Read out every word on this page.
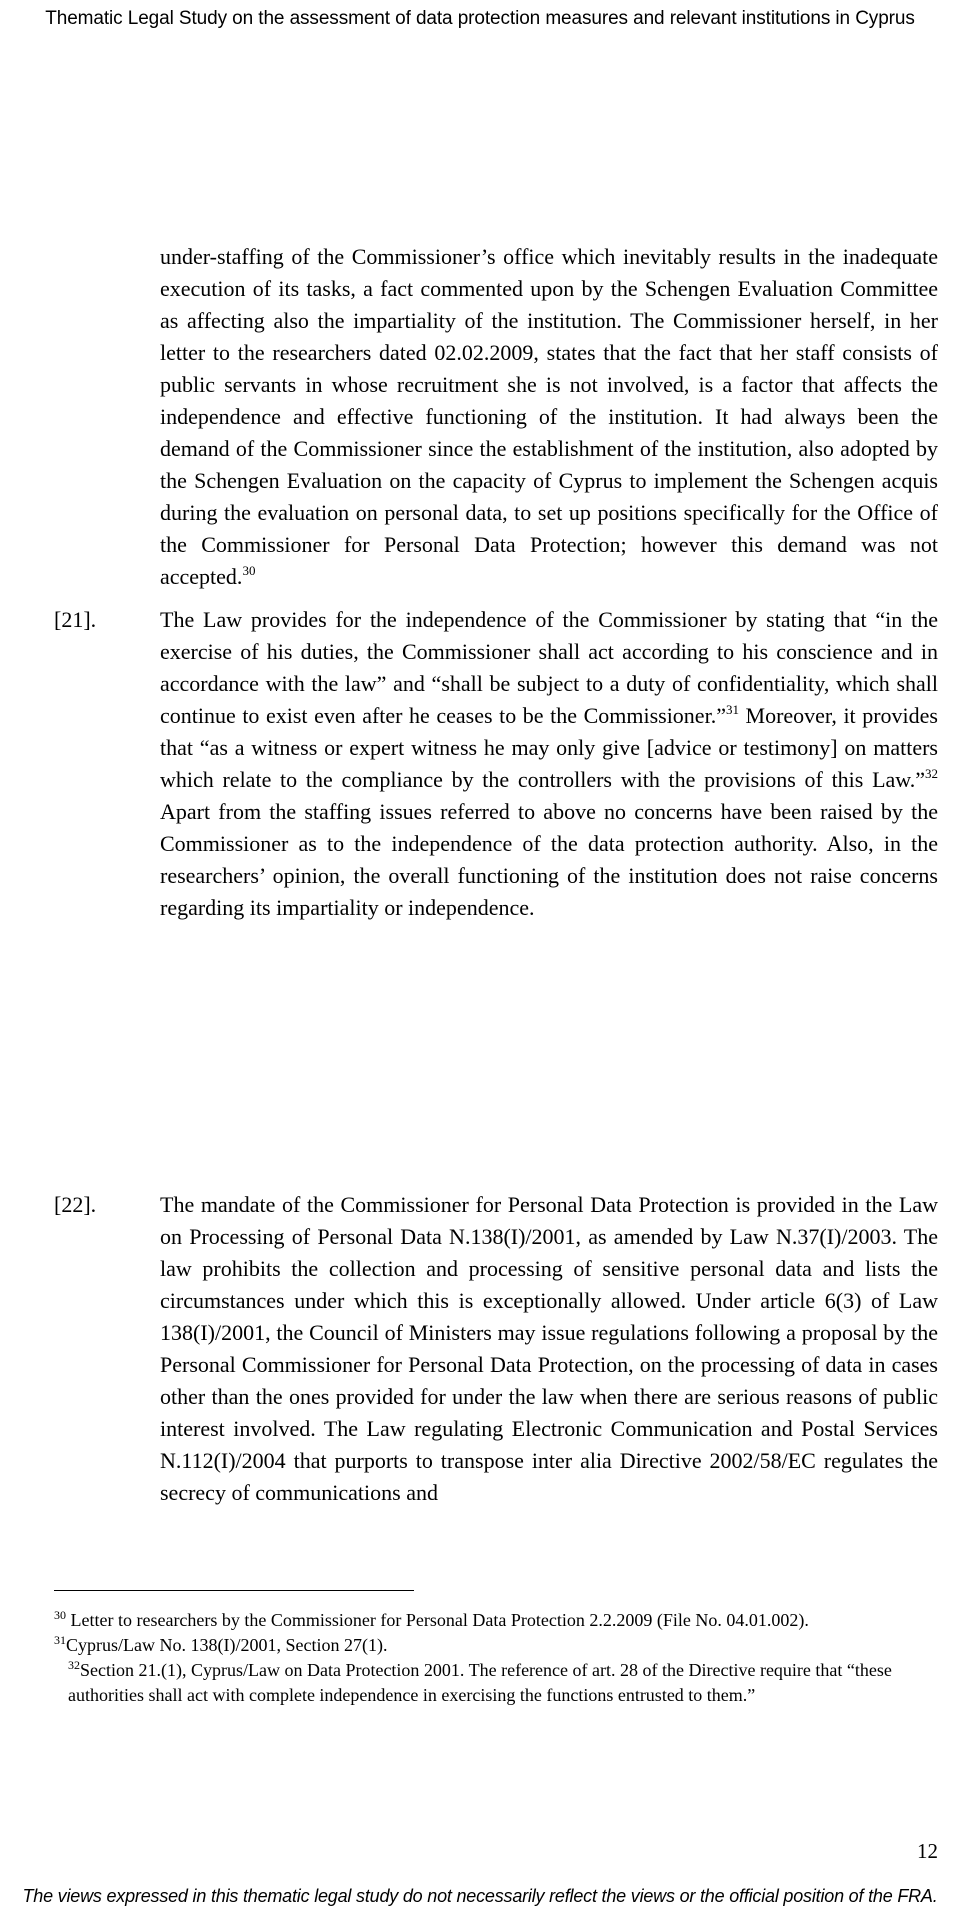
Thematic Legal Study on the assessment of data protection measures and relevant institutions in Cyprus

under-staffing of the Commissioner’s office which inevitably results in the inadequate execution of its tasks, a fact commented upon by the Schengen Evaluation Committee as affecting also the impartiality of the institution. The Commissioner herself, in her letter to the researchers dated 02.02.2009, states that the fact that her staff consists of public servants in whose recruitment she is not involved, is a factor that affects the independence and effective functioning of the institution. It had always been the demand of the Commissioner since the establishment of the institution, also adopted by the Schengen Evaluation on the capacity of Cyprus to implement the Schengen acquis during the evaluation on personal data, to set up positions specifically for the Office of the Commissioner for Personal Data Protection; however this demand was not accepted.$^{30}$

[21].	The Law provides for the independence of the Commissioner by stating that “in the exercise of his duties, the Commissioner shall act according to his conscience and in accordance with the law” and “shall be subject to a duty of confidentiality, which shall continue to exist even after he ceases to be the Commissioner.”$^{31}$ Moreover, it provides that “as a witness or expert witness he may only give [advice or testimony] on matters which relate to the compliance by the controllers with the provisions of this Law.”$^{32}$ Apart from the staffing issues referred to above no concerns have been raised by the Commissioner as to the independence of the data protection authority. Also, in the researchers’ opinion, the overall functioning of the institution does not raise concerns regarding its impartiality or independence.

[22].	The mandate of the Commissioner for Personal Data Protection is provided in the Law on Processing of Personal Data N.138(I)/2001, as amended by Law N.37(I)/2003. The law prohibits the collection and processing of sensitive personal data and lists the circumstances under which this is exceptionally allowed. Under article 6(3) of Law 138(I)/2001, the Council of Ministers may issue regulations following a proposal by the Personal Commissioner for Personal Data Protection, on the processing of data in cases other than the ones provided for under the law when there are serious reasons of public interest involved. The Law regulating Electronic Communication and Postal Services N.112(I)/2004 that purports to transpose inter alia Directive 2002/58/EC regulates the secrecy of communications and

$^{30}$ Letter to researchers by the Commissioner for Personal Data Protection 2.2.2009 (File No. 04.01.002).

$^{31}$Cyprus/Law No. 138(I)/2001, Section 27(1).

$^{32}$Section 21.(1), Cyprus/Law on Data Protection 2001. The reference of art. 28 of the Directive require that “these authorities shall act with complete independence in exercising the functions entrusted to them.”

12
The views expressed in this thematic legal study do not necessarily reflect the views or the official position of the FRA.
